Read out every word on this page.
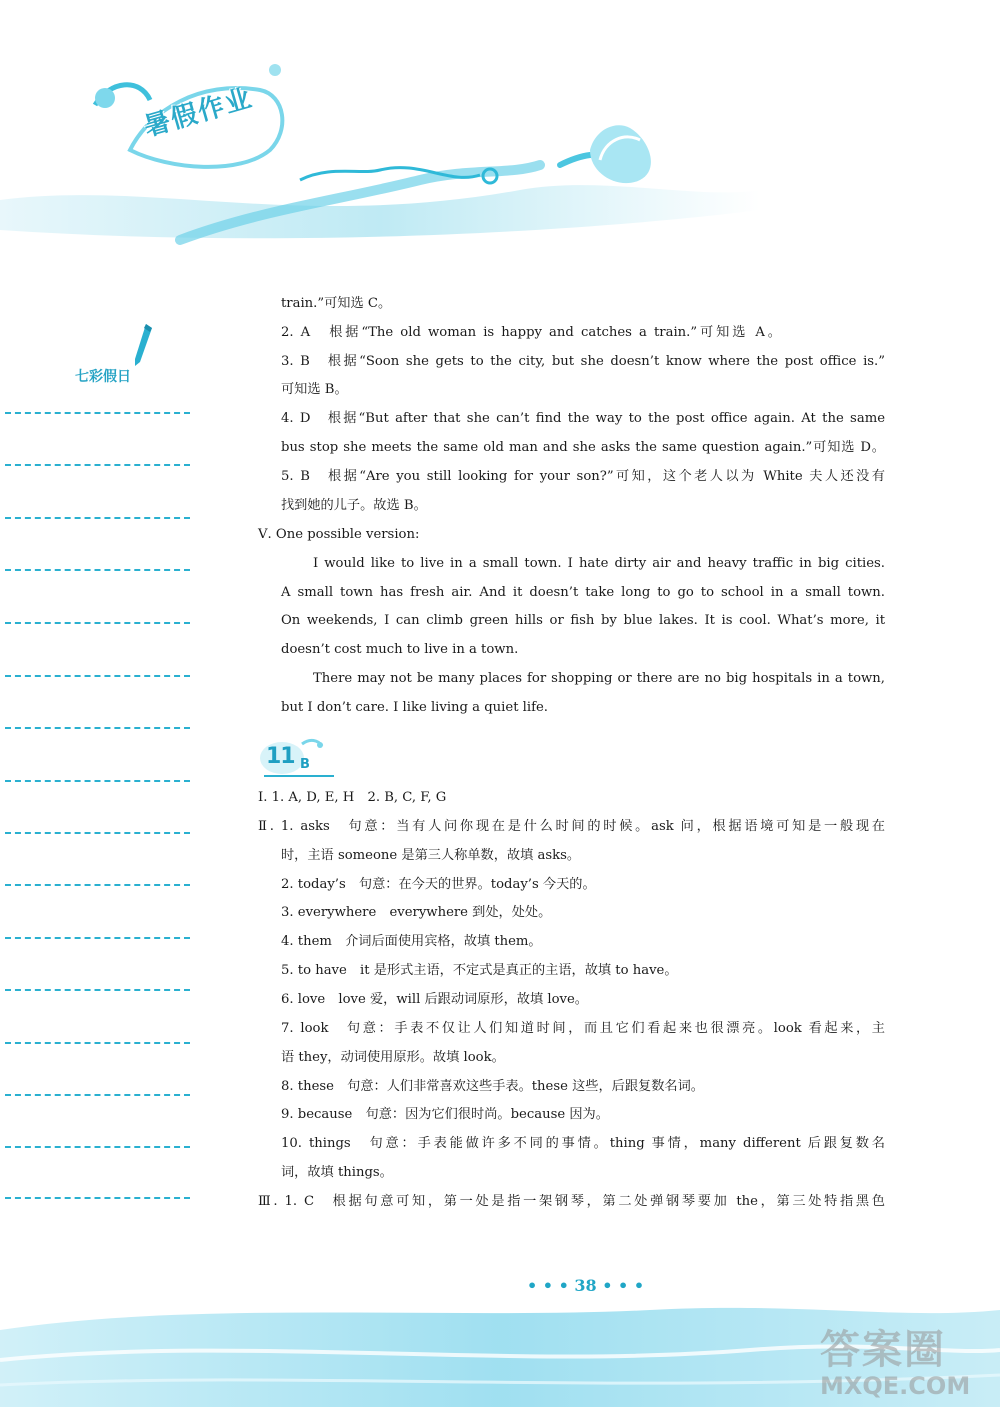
暑假作业
七彩假日
train.”可知选 C。
2. A　根据“The old woman is happy and catches a train.”可知选 A。
3. B　根据“Soon she gets to the city, but she doesn’t know where the post office is.”
可知选 B。
4. D　根据“But after that she can’t find the way to the post office again. At the same
bus stop she meets the same old man and she asks the same question again.”可知选 D。
5. B　根据“Are you still looking for your son?”可知，这个老人以为 White 夫人还没有
找到她的儿子。故选 B。
Ⅴ. One possible version:
I would like to live in a small town. I hate dirty air and heavy traffic in big cities.
A small town has fresh air. And it doesn’t take long to go to school in a small town.
On weekends, I can climb green hills or fish by blue lakes. It is cool. What’s more, it
doesn’t cost much to live in a town.
There may not be many places for shopping or there are no big hospitals in a town,
but I don’t care. I like living a quiet life.
11 B
Ⅰ. 1. A, D, E, H　2. B, C, F, G
Ⅱ. 1. asks　句意：当有人问你现在是什么时间的时候。ask 问，根据语境可知是一般现在
时，主语 someone 是第三人称单数，故填 asks。
2. today’s　句意：在今天的世界。today’s 今天的。
3. everywhere　everywhere 到处，处处。
4. them　介词后面使用宾格，故填 them。
5. to have　it 是形式主语，不定式是真正的主语，故填 to have。
6. love　love 爱，will 后跟动词原形，故填 love。
7. look　句意：手表不仅让人们知道时间，而且它们看起来也很漂亮。look 看起来，主
语 they，动词使用原形。故填 look。
8. these　句意：人们非常喜欢这些手表。these 这些，后跟复数名词。
9. because　句意：因为它们很时尚。because 因为。
10. things　句意：手表能做许多不同的事情。thing 事情，many different 后跟复数名
词，故填 things。
Ⅲ. 1. C　根据句意可知，第一处是指一架钢琴，第二处弹钢琴要加 the，第三处特指黑色
• • • 38 • • •
答案圈
MXQE.COM
